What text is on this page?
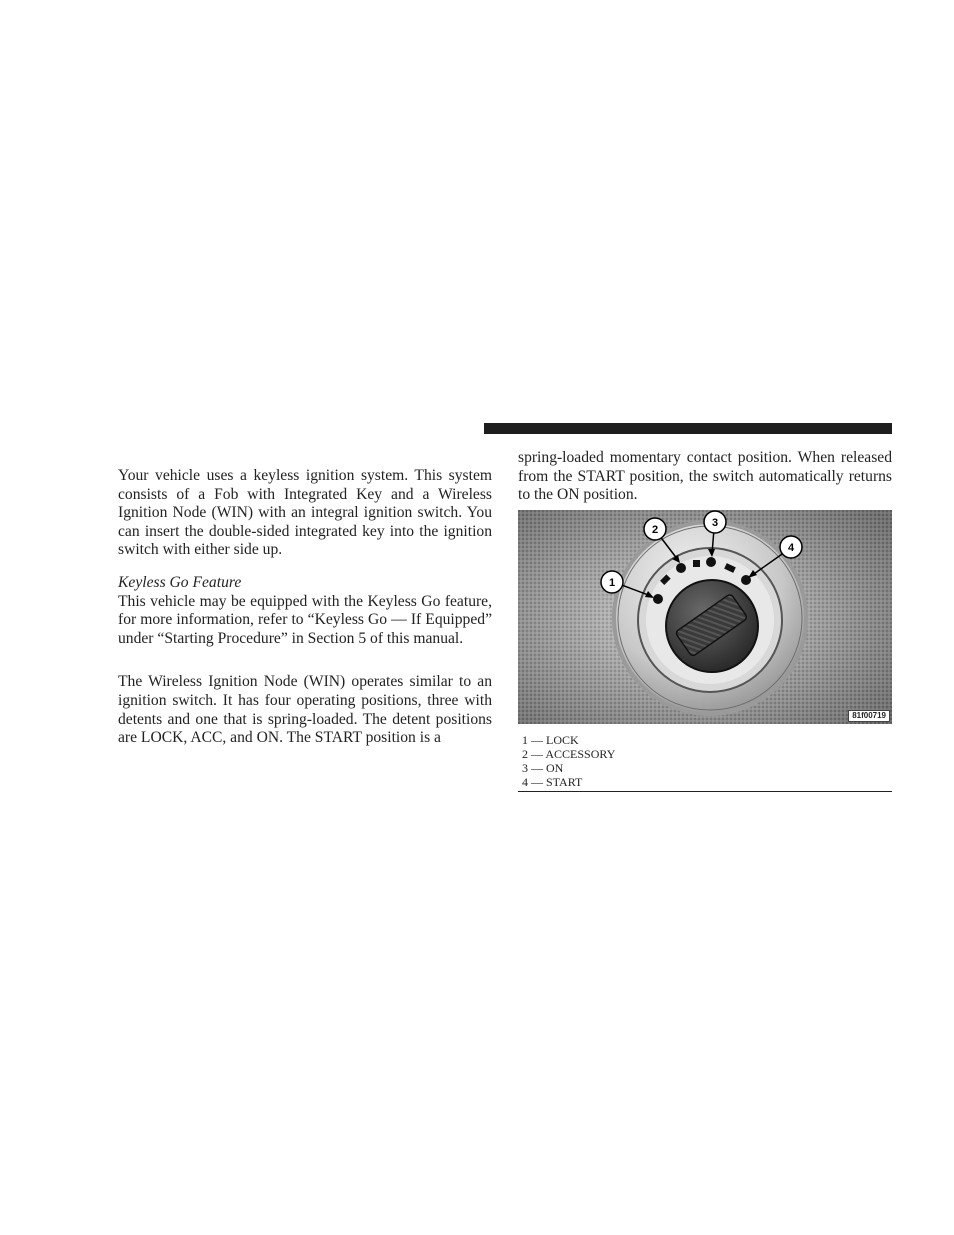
Your vehicle uses a keyless ignition system. This system consists of a Fob with Integrated Key and a Wireless Ignition Node (WIN) with an integral ignition switch. You can insert the double-sided integrated key into the ignition switch with either side up.

Keyless Go Feature

This vehicle may be equipped with the Keyless Go feature, for more information, refer to “Keyless Go — If Equipped” under “Starting Procedure” in Section 5 of this manual.

The Wireless Ignition Node (WIN) operates similar to an ignition switch. It has four operating positions, three with detents and one that is spring-loaded. The detent positions are LOCK, ACC, and ON. The START position is a

spring-loaded momentary contact position. When released from the START position, the switch automatically returns to the ON position.

1
2
3
4
81f00719
1 — LOCK
2 — ACCESSORY
3 — ON
4 — START
